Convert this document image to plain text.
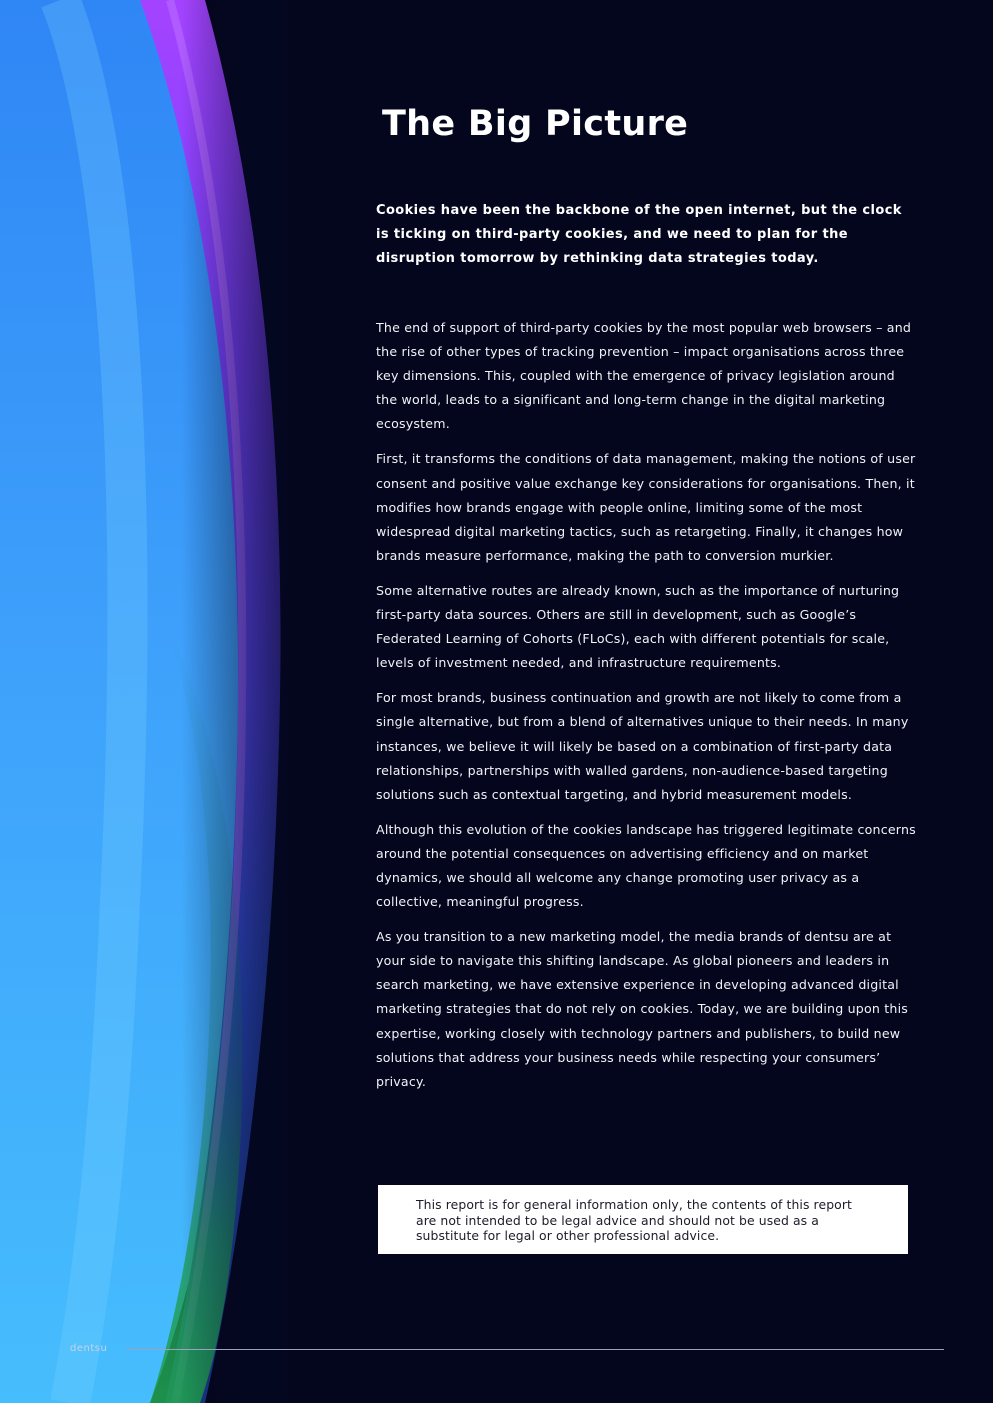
The Big Picture

Cookies have been the backbone of the open internet, but the clock is ticking on third-party cookies, and we need to plan for the disruption tomorrow by rethinking data strategies today.

The end of support of third-party cookies by the most popular web browsers – and the rise of other types of tracking prevention – impact organisations across three key dimensions. This, coupled with the emergence of privacy legislation around the world, leads to a significant and long-term change in the digital marketing ecosystem.

First, it transforms the conditions of data management, making the notions of user consent and positive value exchange key considerations for organisations. Then, it modifies how brands engage with people online, limiting some of the most widespread digital marketing tactics, such as retargeting. Finally, it changes how brands measure performance, making the path to conversion murkier.

Some alternative routes are already known, such as the importance of nurturing first-party data sources. Others are still in development, such as Google’s Federated Learning of Cohorts (FLoCs), each with different potentials for scale, levels of investment needed, and infrastructure requirements.

For most brands, business continuation and growth are not likely to come from a single alternative, but from a blend of alternatives unique to their needs. In many instances, we believe it will likely be based on a combination of first-party data relationships, partnerships with walled gardens, non-audience-based targeting solutions such as contextual targeting, and hybrid measurement models.

Although this evolution of the cookies landscape has triggered legitimate concerns around the potential consequences on advertising efficiency and on market dynamics, we should all welcome any change promoting user privacy as a collective, meaningful progress.

As you transition to a new marketing model, the media brands of dentsu are at your side to navigate this shifting landscape. As global pioneers and leaders in search marketing, we have extensive experience in developing advanced digital marketing strategies that do not rely on cookies. Today, we are building upon this expertise, working closely with technology partners and publishers, to build new solutions that address your business needs while respecting your consumers’ privacy.

This report is for general information only, the contents of this report are not intended to be legal advice and should not be used as a substitute for legal or other professional advice.

dentsu
